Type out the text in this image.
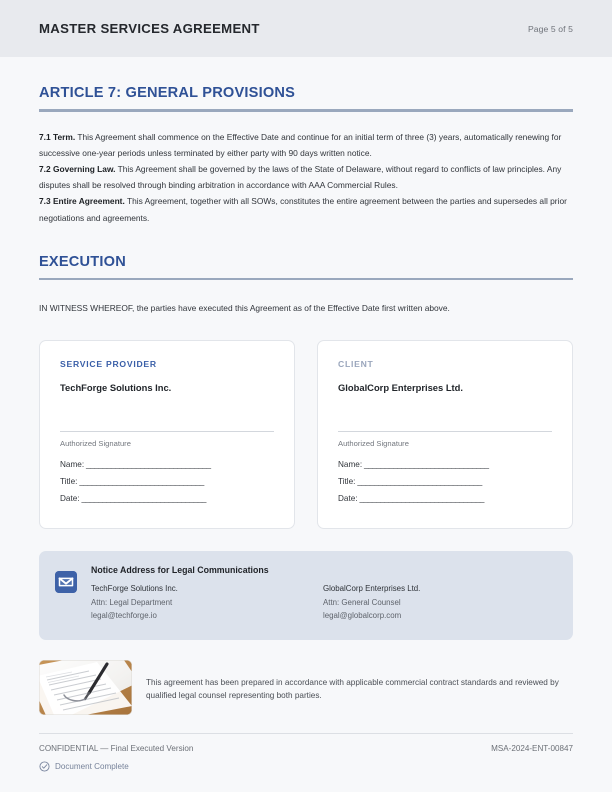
MASTER SERVICES AGREEMENT	Page 5 of 5
ARTICLE 7: GENERAL PROVISIONS

7.1 Term. This Agreement shall commence on the Effective Date and continue for an initial term of three (3) years, automatically renewing for successive one-year periods unless terminated by either party with 90 days written notice.

7.2 Governing Law. This Agreement shall be governed by the laws of the State of Delaware, without regard to conflicts of law principles. Any disputes shall be resolved through binding arbitration in accordance with AAA Commercial Rules.

7.3 Entire Agreement. This Agreement, together with all SOWs, constitutes the entire agreement between the parties and supersedes all prior negotiations and agreements.

EXECUTION
IN WITNESS WHEREOF, the parties have executed this Agreement as of the Effective Date first written above.
SERVICE PROVIDER
TechForge Solutions Inc.
Authorized Signature
Name: ______________________________
Title: ______________________________
Date: ______________________________
CLIENT
GlobalCorp Enterprises Ltd.
Authorized Signature
Name: ______________________________
Title: ______________________________
Date: ______________________________
Notice Address for Legal Communications
TechForge Solutions Inc.
Attn: Legal Department
legal@techforge.io
GlobalCorp Enterprises Ltd.
Attn: General Counsel
legal@globalcorp.com
This agreement has been prepared in accordance with applicable commercial contract standards and reviewed by qualified legal counsel representing both parties.
CONFIDENTIAL — Final Executed Version	MSA-2024-ENT-00847
Document Complete
